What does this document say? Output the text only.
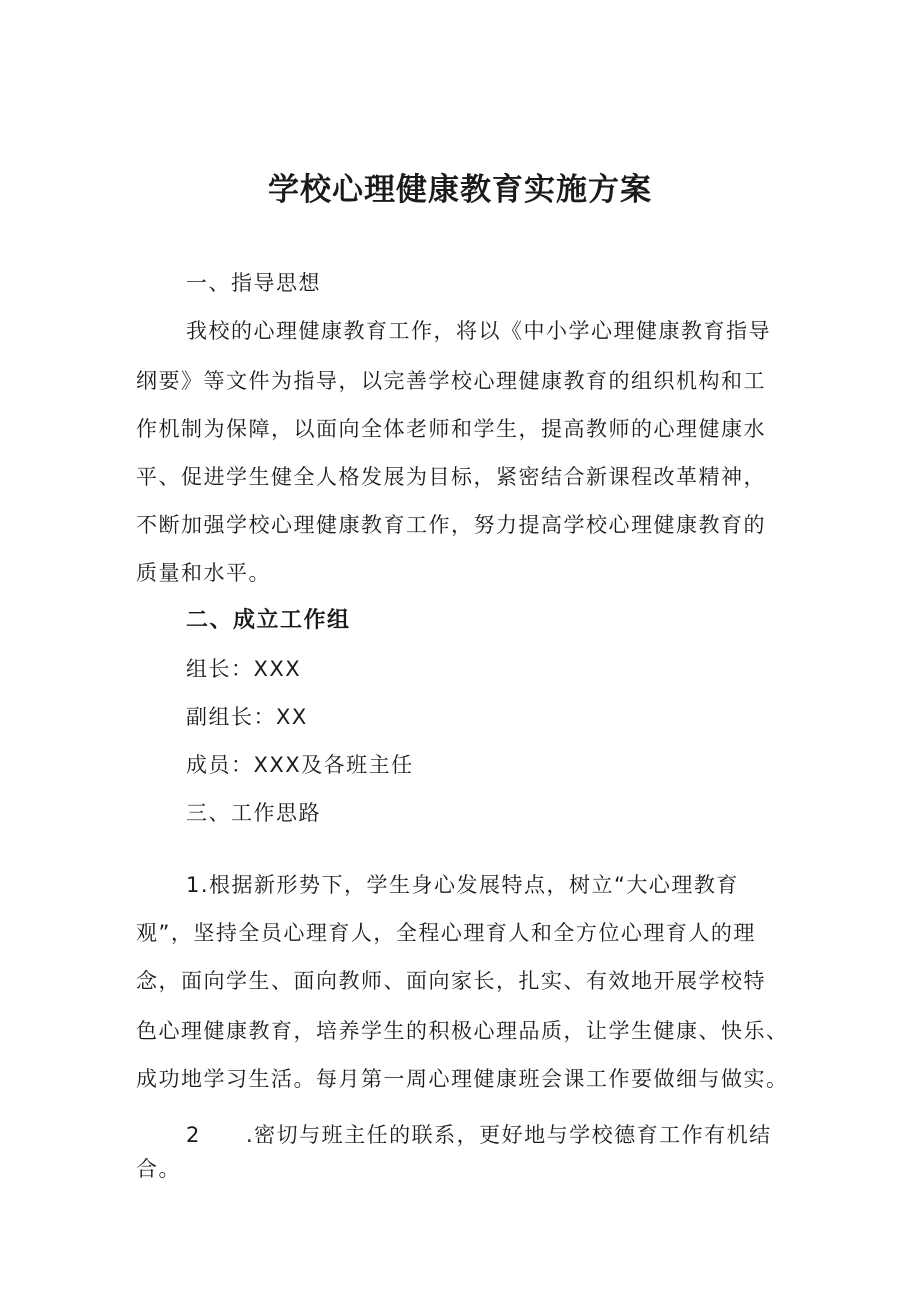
学校心理健康教育实施方案
一、指导思想
我校的心理健康教育工作，将以《中小学心理健康教育指导
纲要》等文件为指导，以完善学校心理健康教育的组织机构和工
作机制为保障，以面向全体老师和学生，提高教师的心理健康水
平、促进学生健全人格发展为目标，紧密结合新课程改革精神，
不断加强学校心理健康教育工作，努力提高学校心理健康教育的
质量和水平。
二、成立工作组
组长：XXX
副组长：XX
成员：XXX及各班主任
三、工作思路
1.根据新形势下，学生身心发展特点，树立“大心理教育
观”，坚持全员心理育人，全程心理育人和全方位心理育人的理
念，面向学生、面向教师、面向家长，扎实、有效地开展学校特
色心理健康教育，培养学生的积极心理品质，让学生健康、快乐、
成功地学习生活。每月第一周心理健康班会课工作要做细与做实。
2 .密切与班主任的联系，更好地与学校德育工作有机结
合。
